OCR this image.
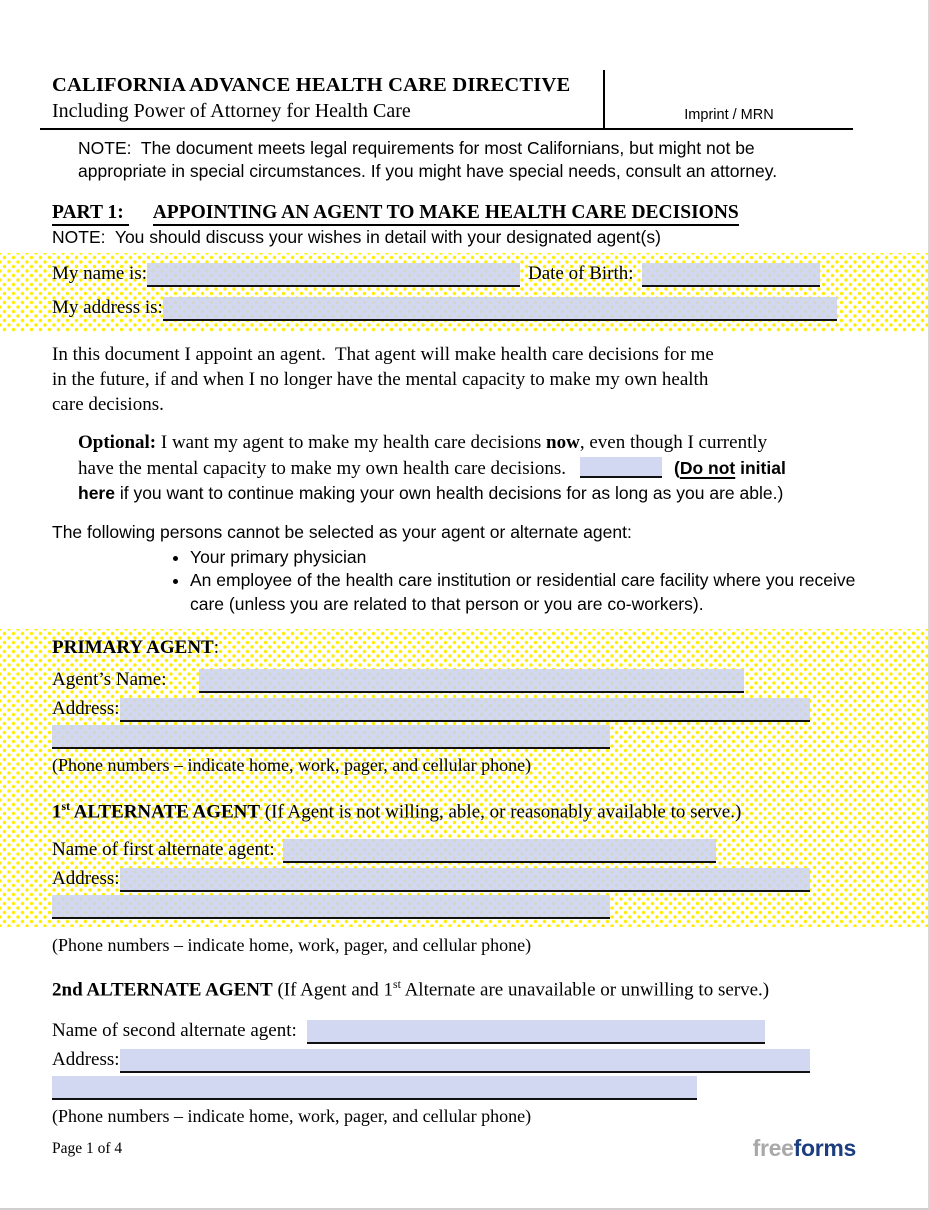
CALIFORNIA ADVANCE HEALTH CARE DIRECTIVE
Including Power of Attorney for Health Care	Imprint / MRN
NOTE:  The document meets legal requirements for most Californians, but might not be
appropriate in special circumstances. If you might have special needs, consult an attorney.
PART 1: APPOINTING AN AGENT TO MAKE HEALTH CARE DECISIONS
NOTE:  You should discuss your wishes in detail with your designated agent(s)
My name is:	Date of Birth:
My address is:
In this document I appoint an agent.  That agent will make health care decisions for me
in the future, if and when I no longer have the mental capacity to make my own health
care decisions.
Optional: I want my agent to make my health care decisions now, even though I currently
have the mental capacity to make my own health care decisions.	(Do not initial
here if you want to continue making your own health decisions for as long as you are able.)
The following persons cannot be selected as your agent or alternate agent:
• Your primary physician
• An employee of the health care institution or residential care facility where you receive care (unless you are related to that person or you are co-workers).
PRIMARY AGENT:
Agent’s Name:
Address:
(Phone numbers – indicate home, work, pager, and cellular phone)
1st ALTERNATE AGENT (If Agent is not willing, able, or reasonably available to serve.)
Name of first alternate agent:
Address:
(Phone numbers – indicate home, work, pager, and cellular phone)
2nd ALTERNATE AGENT (If Agent and 1st Alternate are unavailable or unwilling to serve.)
Name of second alternate agent:
Address:
(Phone numbers – indicate home, work, pager, and cellular phone)
Page 1 of 4	freeforms
